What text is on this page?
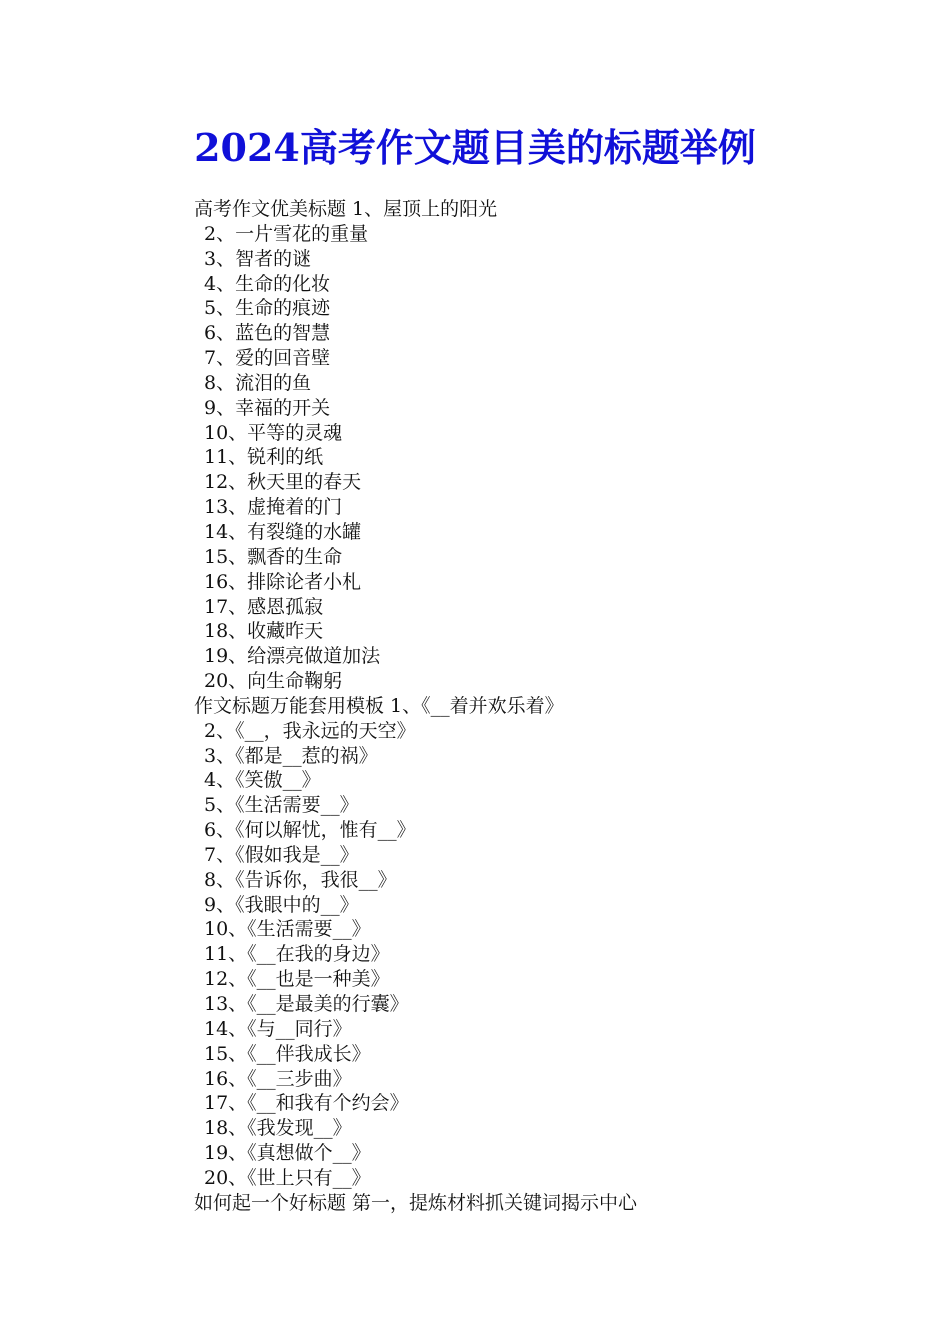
2024高考作文题目美的标题举例
高考作文优美标题 1、屋顶上的阳光
2、一片雪花的重量
3、智者的谜
4、生命的化妆
5、生命的痕迹
6、蓝色的智慧
7、爱的回音壁
8、流泪的鱼
9、幸福的开关
10、平等的灵魂
11、锐利的纸
12、秋天里的春天
13、虚掩着的门
14、有裂缝的水罐
15、飘香的生命
16、排除论者小札
17、感恩孤寂
18、收藏昨天
19、给漂亮做道加法
20、向生命鞠躬
作文标题万能套用模板 1、《__着并欢乐着》
2、《__，我永远的天空》
3、《都是__惹的祸》
4、《笑傲__》
5、《生活需要__》
6、《何以解忧，惟有__》
7、《假如我是__》
8、《告诉你，我很__》
9、《我眼中的__》
10、《生活需要__》
11、《__在我的身边》
12、《__也是一种美》
13、《__是最美的行囊》
14、《与__同行》
15、《__伴我成长》
16、《__三步曲》
17、《__和我有个约会》
18、《我发现__》
19、《真想做个__》
20、《世上只有__》
如何起一个好标题 第一，提炼材料抓关键词揭示中心
